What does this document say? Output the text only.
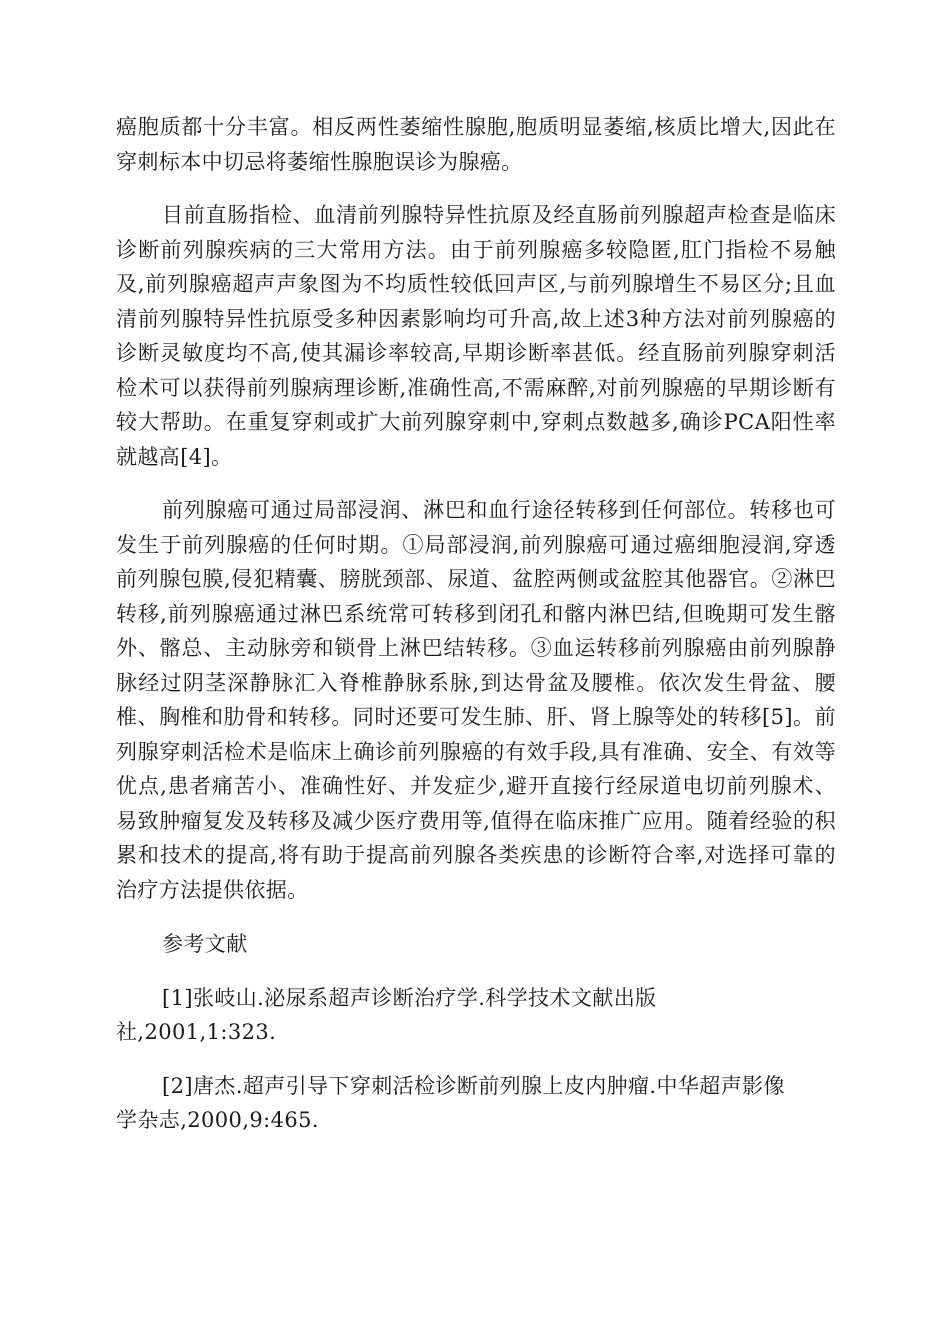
癌胞质都十分丰富。相反两性萎缩性腺胞,胞质明显萎缩,核质比增大,因此在穿刺标本中切忌将萎缩性腺胞误诊为腺癌。

目前直肠指检、血清前列腺特异性抗原及经直肠前列腺超声检查是临床诊断前列腺疾病的三大常用方法。由于前列腺癌多较隐匿,肛门指检不易触及,前列腺癌超声声象图为不均质性较低回声区,与前列腺增生不易区分;且血清前列腺特异性抗原受多种因素影响均可升高,故上述3种方法对前列腺癌的诊断灵敏度均不高,使其漏诊率较高,早期诊断率甚低。经直肠前列腺穿刺活检术可以获得前列腺病理诊断,准确性高,不需麻醉,对前列腺癌的早期诊断有较大帮助。在重复穿刺或扩大前列腺穿刺中,穿刺点数越多,确诊PCA阳性率就越高[4]。

前列腺癌可通过局部浸润、淋巴和血行途径转移到任何部位。转移也可发生于前列腺癌的任何时期。①局部浸润,前列腺癌可通过癌细胞浸润,穿透前列腺包膜,侵犯精囊、膀胱颈部、尿道、盆腔两侧或盆腔其他器官。②淋巴转移,前列腺癌通过淋巴系统常可转移到闭孔和髂内淋巴结,但晚期可发生髂外、髂总、主动脉旁和锁骨上淋巴结转移。③血运转移前列腺癌由前列腺静脉经过阴茎深静脉汇入脊椎静脉系脉,到达骨盆及腰椎。依次发生骨盆、腰椎、胸椎和肋骨和转移。同时还要可发生肺、肝、肾上腺等处的转移[5]。前列腺穿刺活检术是临床上确诊前列腺癌的有效手段,具有准确、安全、有效等优点,患者痛苦小、准确性好、并发症少,避开直接行经尿道电切前列腺术、易致肿瘤复发及转移及减少医疗费用等,值得在临床推广应用。随着经验的积累和技术的提高,将有助于提高前列腺各类疾患的诊断符合率,对选择可靠的治疗方法提供依据。

参考文献

[1]张岐山.泌尿系超声诊断治疗学.科学技术文献出版
社,2001,1:323.
[2]唐杰.超声引导下穿刺活检诊断前列腺上皮内肿瘤.中华超声影像
学杂志,2000,9:465.
